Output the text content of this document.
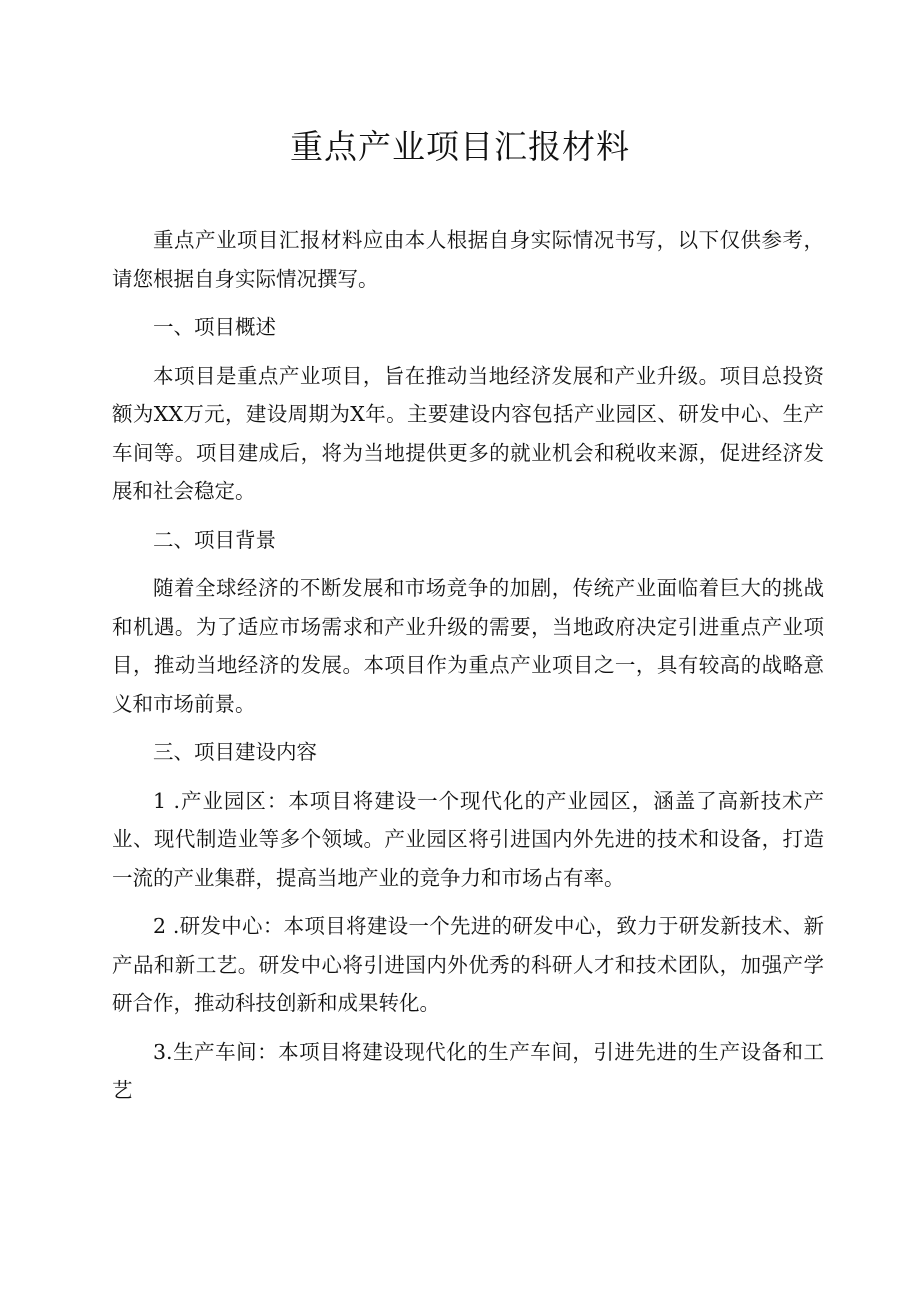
重点产业项目汇报材料

重点产业项目汇报材料应由本人根据自身实际情况书写，以下仅供参考，请您根据自身实际情况撰写。

一、项目概述

本项目是重点产业项目，旨在推动当地经济发展和产业升级。项目总投资额为XX万元，建设周期为X年。主要建设内容包括产业园区、研发中心、生产车间等。项目建成后，将为当地提供更多的就业机会和税收来源，促进经济发展和社会稳定。

二、项目背景

随着全球经济的不断发展和市场竞争的加剧，传统产业面临着巨大的挑战和机遇。为了适应市场需求和产业升级的需要，当地政府决定引进重点产业项目，推动当地经济的发展。本项目作为重点产业项目之一，具有较高的战略意义和市场前景。

三、项目建设内容

1 .产业园区：本项目将建设一个现代化的产业园区，涵盖了高新技术产业、现代制造业等多个领域。产业园区将引进国内外先进的技术和设备，打造一流的产业集群，提高当地产业的竞争力和市场占有率。

2 .研发中心：本项目将建设一个先进的研发中心，致力于研发新技术、新产品和新工艺。研发中心将引进国内外优秀的科研人才和技术团队，加强产学研合作，推动科技创新和成果转化。

3.生产车间：本项目将建设现代化的生产车间，引进先进的生产设备和工艺
